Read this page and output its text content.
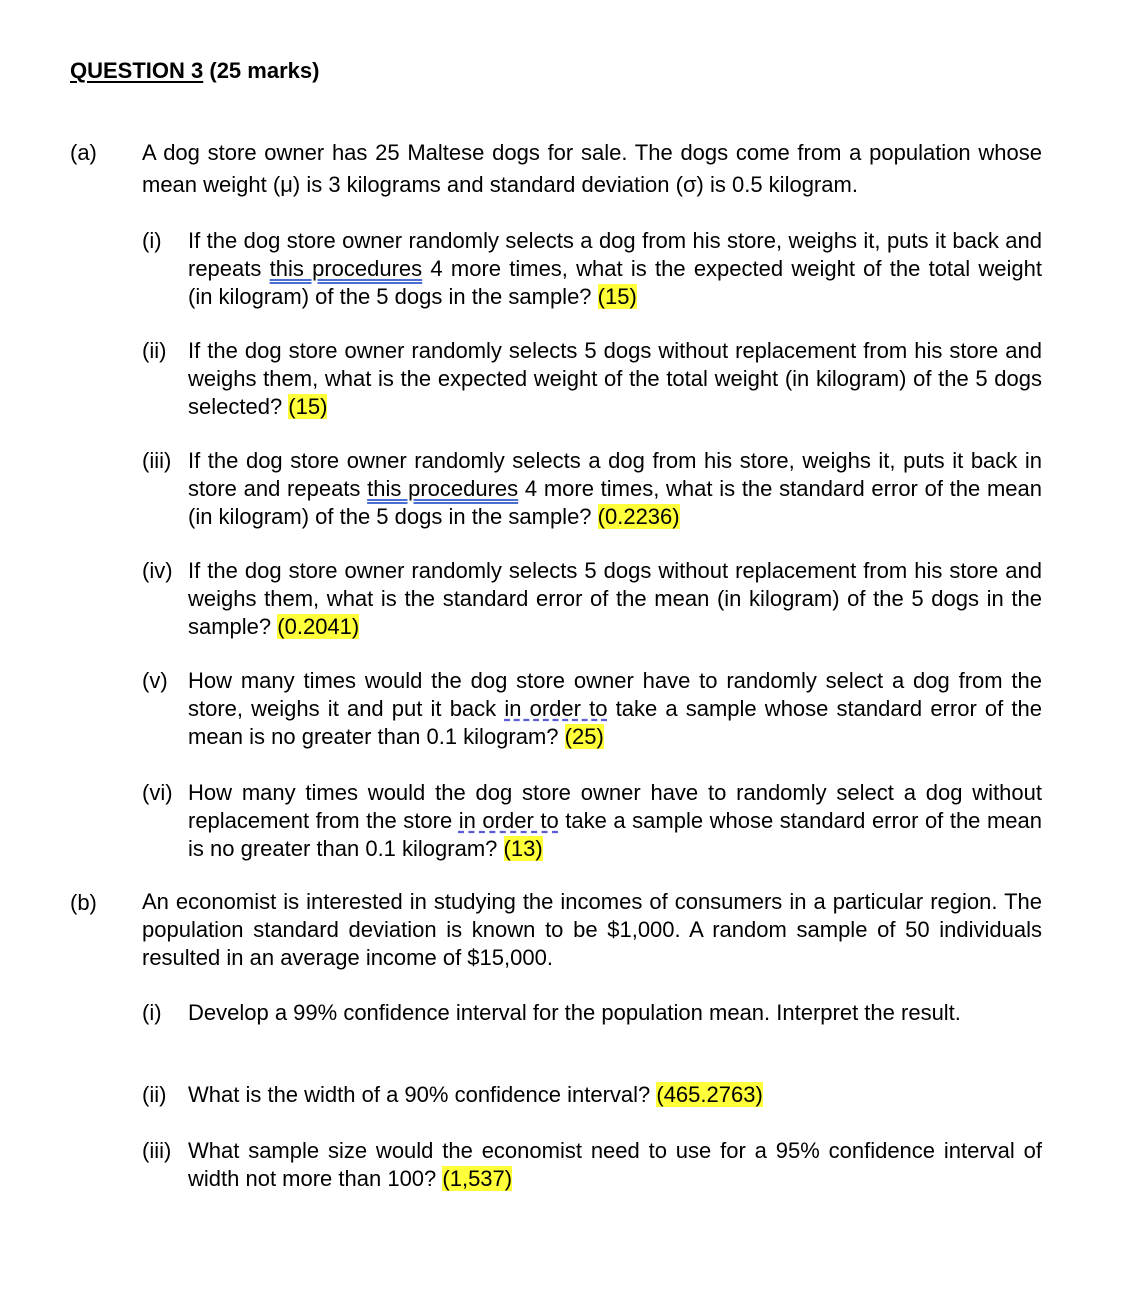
QUESTION 3 (25 marks)
(a) A dog store owner has 25 Maltese dogs for sale. The dogs come from a population whose mean weight (μ) is 3 kilograms and standard deviation (σ) is 0.5 kilogram.
(i)	If the dog store owner randomly selects a dog from his store, weighs it, puts it back and repeats this procedures 4 more times, what is the expected weight of the total weight (in kilogram) of the 5 dogs in the sample? (15)
(ii) If the dog store owner randomly selects 5 dogs without replacement from his store and weighs them, what is the expected weight of the total weight (in kilogram) of the 5 dogs selected? (15)
(iii) If the dog store owner randomly selects a dog from his store, weighs it, puts it back in store and repeats this procedures 4 more times, what is the standard error of the mean (in kilogram) of the 5 dogs in the sample? (0.2236)
(iv) If the dog store owner randomly selects 5 dogs without replacement from his store and weighs them, what is the standard error of the mean (in kilogram) of the 5 dogs in the sample? (0.2041)
(v) How many times would the dog store owner have to randomly select a dog from the store, weighs it and put it back in order to take a sample whose standard error of the mean is no greater than 0.1 kilogram? (25)
(vi) How many times would the dog store owner have to randomly select a dog without replacement from the store in order to take a sample whose standard error of the mean is no greater than 0.1 kilogram? (13)
(b) An economist is interested in studying the incomes of consumers in a particular region. The population standard deviation is known to be $1,000. A random sample of 50 individuals resulted in an average income of $15,000.
(i)	Develop a 99% confidence interval for the population mean. Interpret the result.
(ii) What is the width of a 90% confidence interval? (465.2763)
(iii) What sample size would the economist need to use for a 95% confidence interval of width not more than 100? (1,537)
